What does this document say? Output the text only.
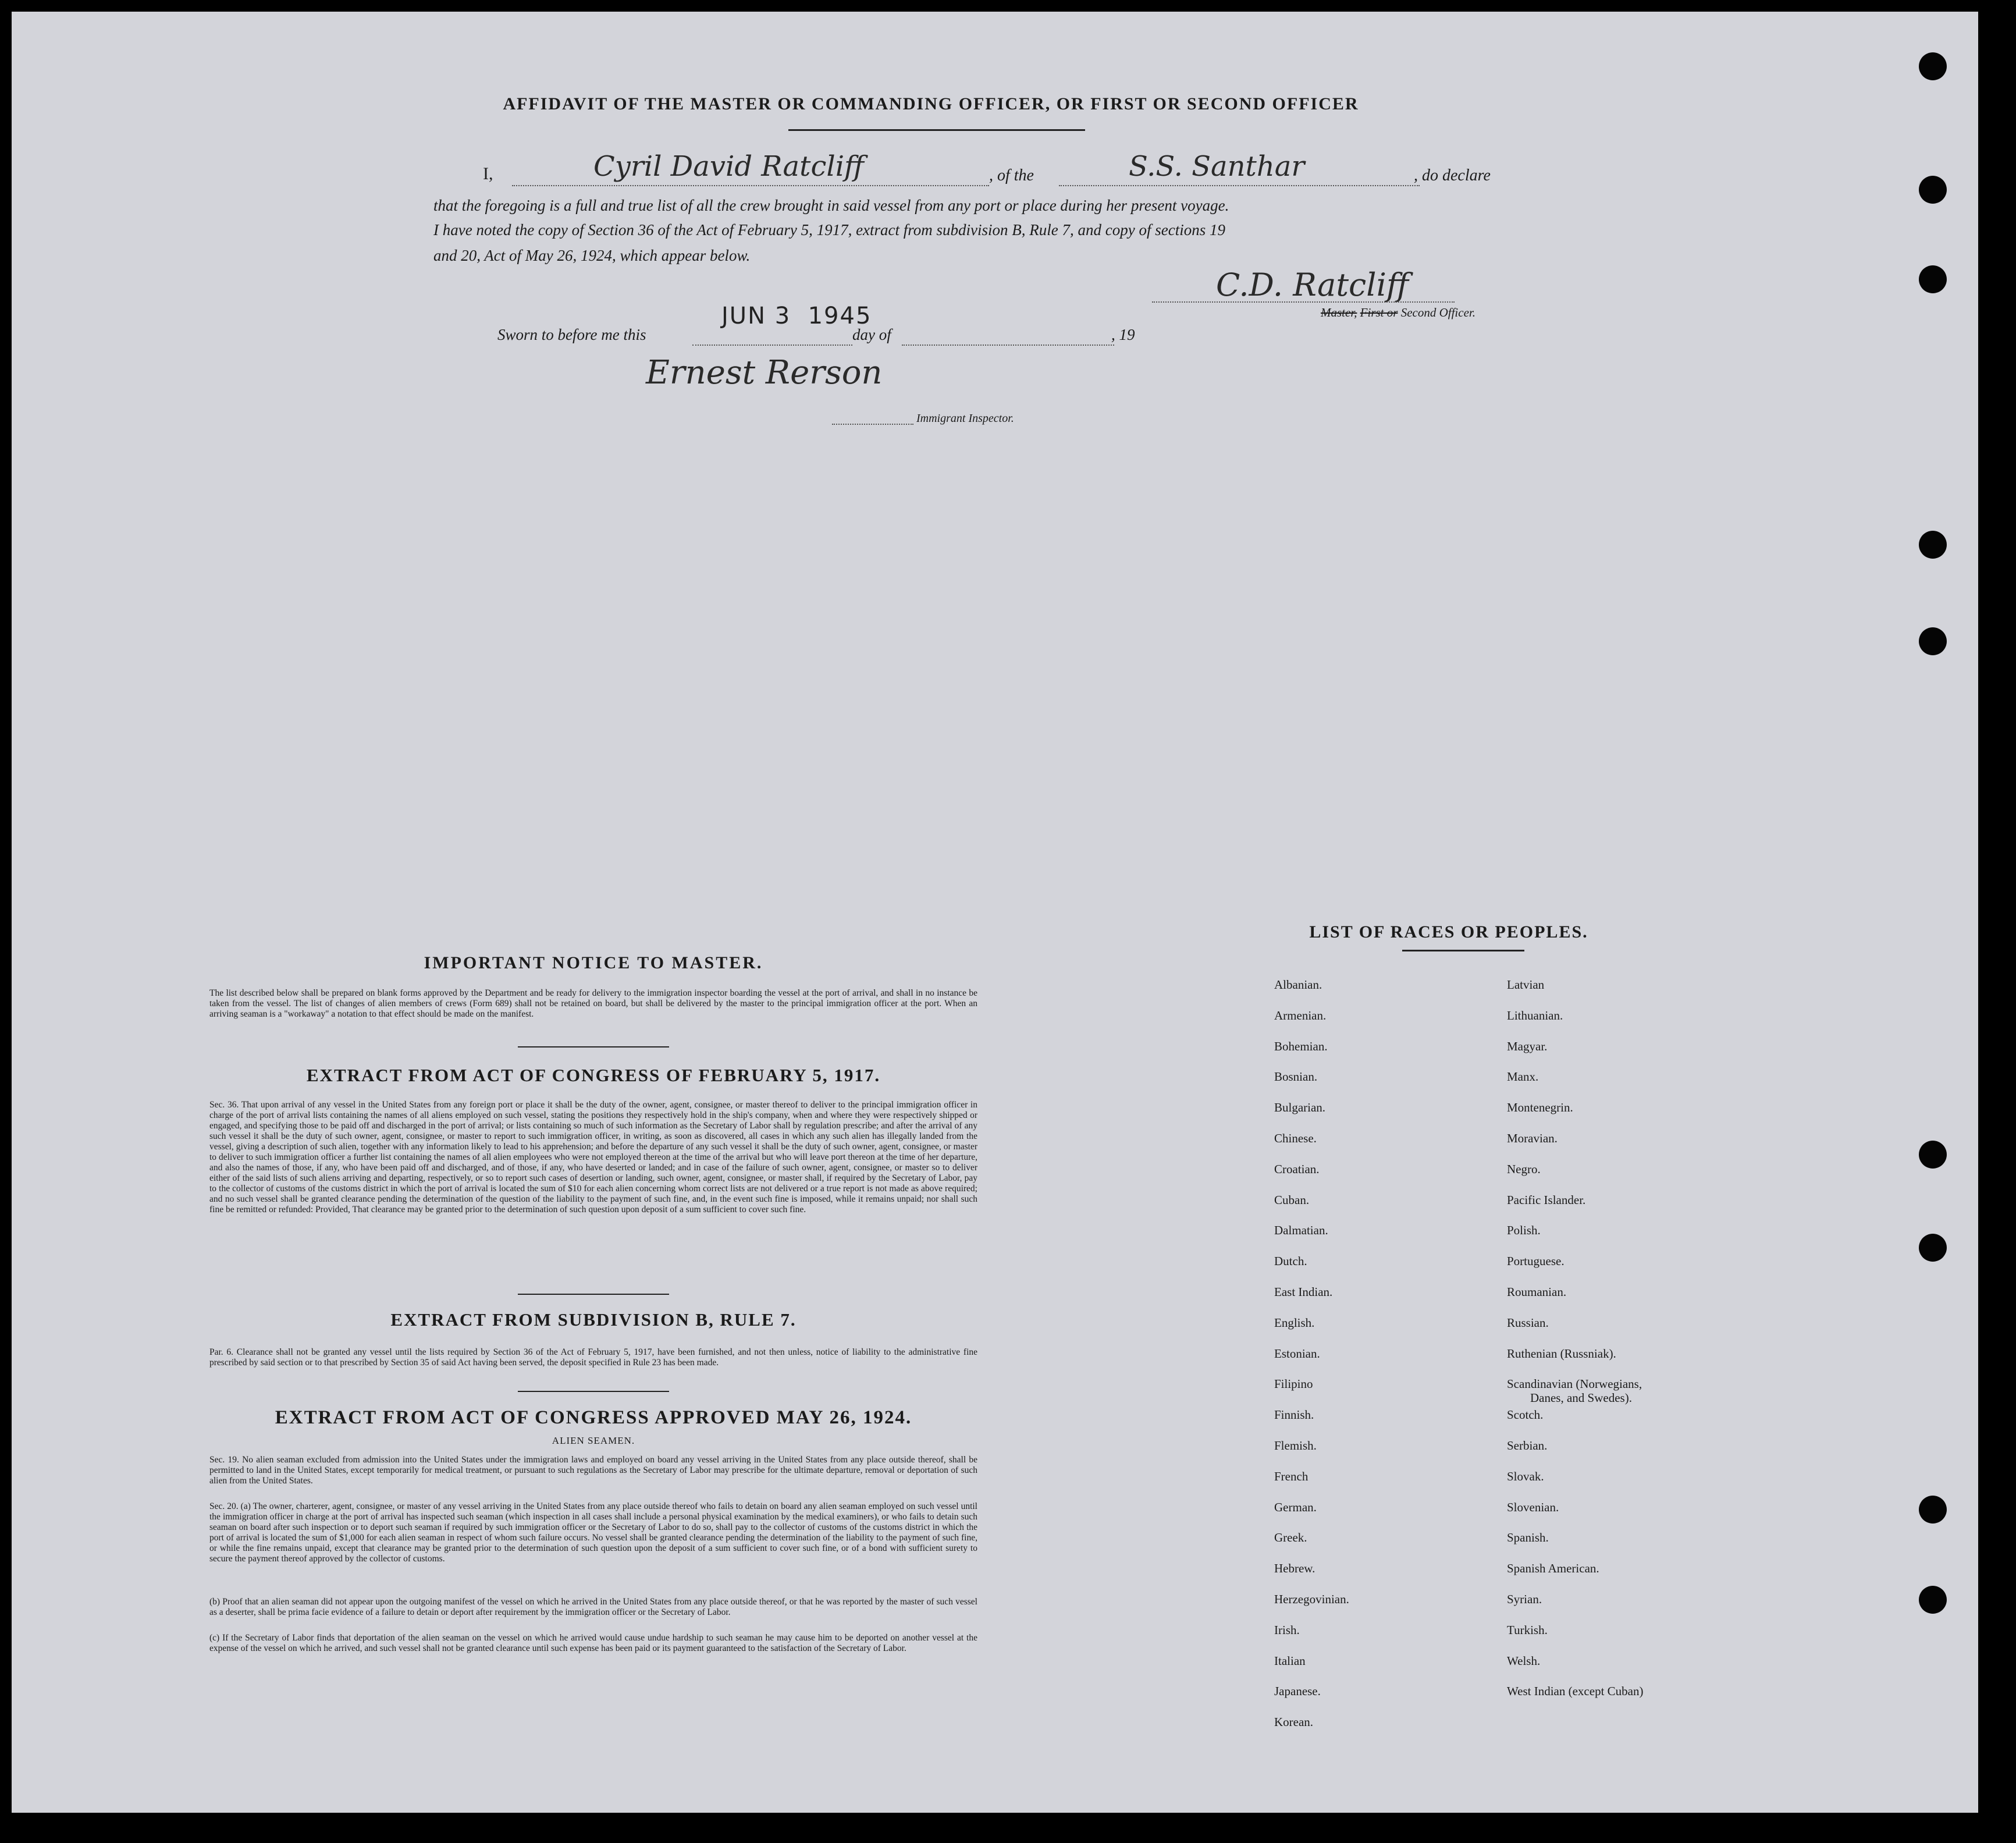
AFFIDAVIT OF THE MASTER OR COMMANDING OFFICER, OR FIRST OR SECOND OFFICER
I,	Cyril David Ratcliff	, of the	S.S. Santhar	, do declare
that the foregoing is a full and true list of all the crew brought in said vessel from any port or place during her present voyage.
I have noted the copy of Section 36 of the Act of February 5, 1917, extract from subdivision B, Rule 7, and copy of sections 19
and 20, Act of May 26, 1924, which appear below.
C.D. Ratcliff
Master, First or Second Officer.
Sworn to before me this
JUN 3  1945
day of	, 19
Ernest Rerson
Immigrant Inspector.
IMPORTANT NOTICE TO MASTER.

The list described below shall be prepared on blank forms approved by the Department and be ready for delivery to the immigration inspector boarding the vessel at the port of arrival, and shall in no instance be taken from the vessel. The list of changes of alien members of crews (Form 689) shall not be retained on board, but shall be delivered by the master to the principal immigration officer at the port. When an arriving seaman is a "workaway" a notation to that effect should be made on the manifest.

EXTRACT FROM ACT OF CONGRESS OF FEBRUARY 5, 1917.

Sec. 36. That upon arrival of any vessel in the United States from any foreign port or place it shall be the duty of the owner, agent, consignee, or master thereof to deliver to the principal immigration officer in charge of the port of arrival lists containing the names of all aliens employed on such vessel, stating the positions they respectively hold in the ship's company, when and where they were respectively shipped or engaged, and specifying those to be paid off and discharged in the port of arrival; or lists containing so much of such information as the Secretary of Labor shall by regulation prescribe; and after the arrival of any such vessel it shall be the duty of such owner, agent, consignee, or master to report to such immigration officer, in writing, as soon as discovered, all cases in which any such alien has illegally landed from the vessel, giving a description of such alien, together with any information likely to lead to his apprehension; and before the departure of any such vessel it shall be the duty of such owner, agent, consignee, or master to deliver to such immigration officer a further list containing the names of all alien employees who were not employed thereon at the time of the arrival but who will leave port thereon at the time of her departure, and also the names of those, if any, who have been paid off and discharged, and of those, if any, who have deserted or landed; and in case of the failure of such owner, agent, consignee, or master so to deliver either of the said lists of such aliens arriving and departing, respectively, or so to report such cases of desertion or landing, such owner, agent, consignee, or master shall, if required by the Secretary of Labor, pay to the collector of customs of the customs district in which the port of arrival is located the sum of $10 for each alien concerning whom correct lists are not delivered or a true report is not made as above required; and no such vessel shall be granted clearance pending the determination of the question of the liability to the payment of such fine, and, in the event such fine is imposed, while it remains unpaid; nor shall such fine be remitted or refunded: Provided, That clearance may be granted prior to the determination of such question upon deposit of a sum sufficient to cover such fine.

EXTRACT FROM SUBDIVISION B, RULE 7.

Par. 6. Clearance shall not be granted any vessel until the lists required by Section 36 of the Act of February 5, 1917, have been furnished, and not then unless, notice of liability to the administrative fine prescribed by said section or to that prescribed by Section 35 of said Act having been served, the deposit specified in Rule 23 has been made.

EXTRACT FROM ACT OF CONGRESS APPROVED MAY 26, 1924.
ALIEN SEAMEN.

Sec. 19. No alien seaman excluded from admission into the United States under the immigration laws and employed on board any vessel arriving in the United States from any place outside thereof, shall be permitted to land in the United States, except temporarily for medical treatment, or pursuant to such regulations as the Secretary of Labor may prescribe for the ultimate departure, removal or deportation of such alien from the United States.

Sec. 20. (a) The owner, charterer, agent, consignee, or master of any vessel arriving in the United States from any place outside thereof who fails to detain on board any alien seaman employed on such vessel until the immigration officer in charge at the port of arrival has inspected such seaman (which inspection in all cases shall include a personal physical examination by the medical examiners), or who fails to detain such seaman on board after such inspection or to deport such seaman if required by such immigration officer or the Secretary of Labor to do so, shall pay to the collector of customs of the customs district in which the port of arrival is located the sum of $1,000 for each alien seaman in respect of whom such failure occurs. No vessel shall be granted clearance pending the determination of the liability to the payment of such fine, or while the fine remains unpaid, except that clearance may be granted prior to the determination of such question upon the deposit of a sum sufficient to cover such fine, or of a bond with sufficient surety to secure the payment thereof approved by the collector of customs.

(b) Proof that an alien seaman did not appear upon the outgoing manifest of the vessel on which he arrived in the United States from any place outside thereof, or that he was reported by the master of such vessel as a deserter, shall be prima facie evidence of a failure to detain or deport after requirement by the immigration officer or the Secretary of Labor.

(c) If the Secretary of Labor finds that deportation of the alien seaman on the vessel on which he arrived would cause undue hardship to such seaman he may cause him to be deported on another vessel at the expense of the vessel on which he arrived, and such vessel shall not be granted clearance until such expense has been paid or its payment guaranteed to the satisfaction of the Secretary of Labor.

LIST OF RACES OR PEOPLES.
Albanian.
Armenian.
Bohemian.
Bosnian.
Bulgarian.
Chinese.
Croatian.
Cuban.
Dalmatian.
Dutch.
East Indian.
English.
Estonian.
Filipino
Finnish.
Flemish.
French
German.
Greek.
Hebrew.
Herzegovinian.
Irish.
Italian
Japanese.
Korean.
Latvian
Lithuanian.
Magyar.
Manx.
Montenegrin.
Moravian.
Negro.
Pacific Islander.
Polish.
Portuguese.
Roumanian.
Russian.
Ruthenian (Russniak).
Scandinavian (Norwegians,
Danes, and Swedes).
Scotch.
Serbian.
Slovak.
Slovenian.
Spanish.
Spanish American.
Syrian.
Turkish.
Welsh.
West Indian (except Cuban)
